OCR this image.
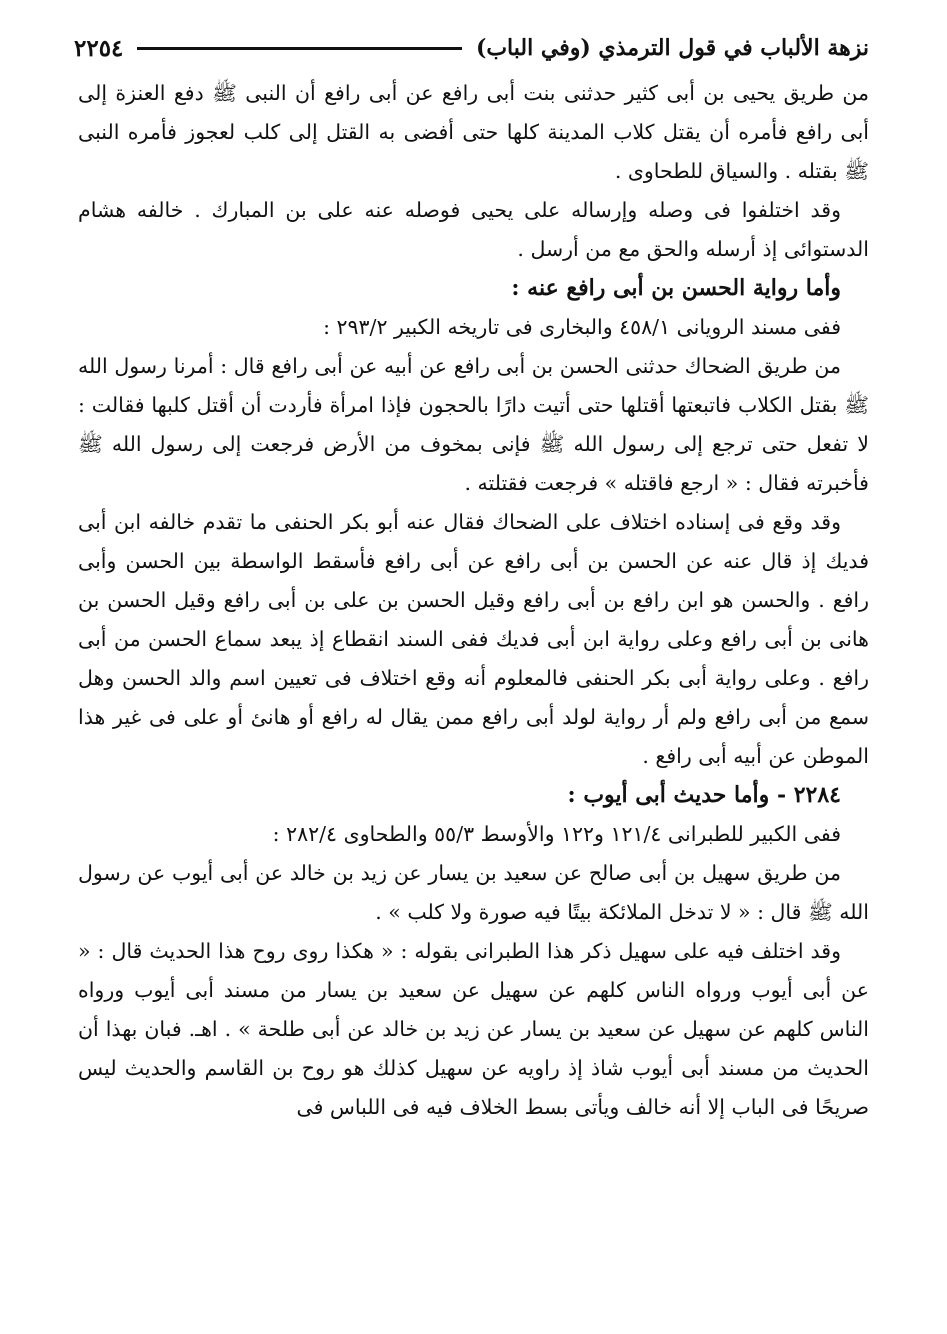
٢٢٥٤	نزهة الألباب في قول الترمذي (وفي الباب)

من طريق يحيى بن أبى كثير حدثنى بنت أبى رافع عن أبى رافع أن النبى ﷺ دفع العنزة إلى أبى رافع فأمره أن يقتل كلاب المدينة كلها حتى أفضى به القتل إلى كلب لعجوز فأمره النبى ﷺ بقتله . والسياق للطحاوى .

وقد اختلفوا فى وصله وإرساله على يحيى فوصله عنه على بن المبارك . خالفه هشام الدستوائى إذ أرسله والحق مع من أرسل .

وأما رواية الحسن بن أبى رافع عنه :

ففى مسند الرويانى ٤٥٨/١ والبخارى فى تاريخه الكبير ٢٩٣/٢ :

من طريق الضحاك حدثنى الحسن بن أبى رافع عن أبيه عن أبى رافع قال : أمرنا رسول الله ﷺ بقتل الكلاب فاتبعتها أقتلها حتى أتيت دارًا بالحجون فإذا امرأة فأردت أن أقتل كلبها فقالت : لا تفعل حتى ترجع إلى رسول الله ﷺ فإنى بمخوف من الأرض فرجعت إلى رسول الله ﷺ فأخبرته فقال : « ارجع فاقتله » فرجعت فقتلته .

وقد وقع فى إسناده اختلاف على الضحاك فقال عنه أبو بكر الحنفى ما تقدم خالفه ابن أبى فديك إذ قال عنه عن الحسن بن أبى رافع عن أبى رافع فأسقط الواسطة بين الحسن وأبى رافع . والحسن هو ابن رافع بن أبى رافع وقيل الحسن بن على بن أبى رافع وقيل الحسن بن هانى بن أبى رافع وعلى رواية ابن أبى فديك ففى السند انقطاع إذ يبعد سماع الحسن من أبى رافع . وعلى رواية أبى بكر الحنفى فالمعلوم أنه وقع اختلاف فى تعيين اسم والد الحسن وهل سمع من أبى رافع ولم أر رواية لولد أبى رافع ممن يقال له رافع أو هانئ أو على فى غير هذا الموطن عن أبيه أبى رافع .

٢٢٨٤ - وأما حديث أبى أيوب :

ففى الكبير للطبرانى ١٢١/٤ و١٢٢ والأوسط ٥٥/٣ والطحاوى ٢٨٢/٤ :

من طريق سهيل بن أبى صالح عن سعيد بن يسار عن زيد بن خالد عن أبى أيوب عن رسول الله ﷺ قال : « لا تدخل الملائكة بيتًا فيه صورة ولا كلب » .

وقد اختلف فيه على سهيل ذكر هذا الطبرانى بقوله : « هكذا روى روح هذا الحديث قال : « عن أبى أيوب ورواه الناس كلهم عن سهيل عن سعيد بن يسار من مسند أبى أيوب ورواه الناس كلهم عن سهيل عن سعيد بن يسار عن زيد بن خالد عن أبى طلحة » . اهـ. فبان بهذا أن الحديث من مسند أبى أيوب شاذ إذ راويه عن سهيل كذلك هو روح بن القاسم والحديث ليس صريحًا فى الباب إلا أنه خالف ويأتى بسط الخلاف فيه فى اللباس فى
